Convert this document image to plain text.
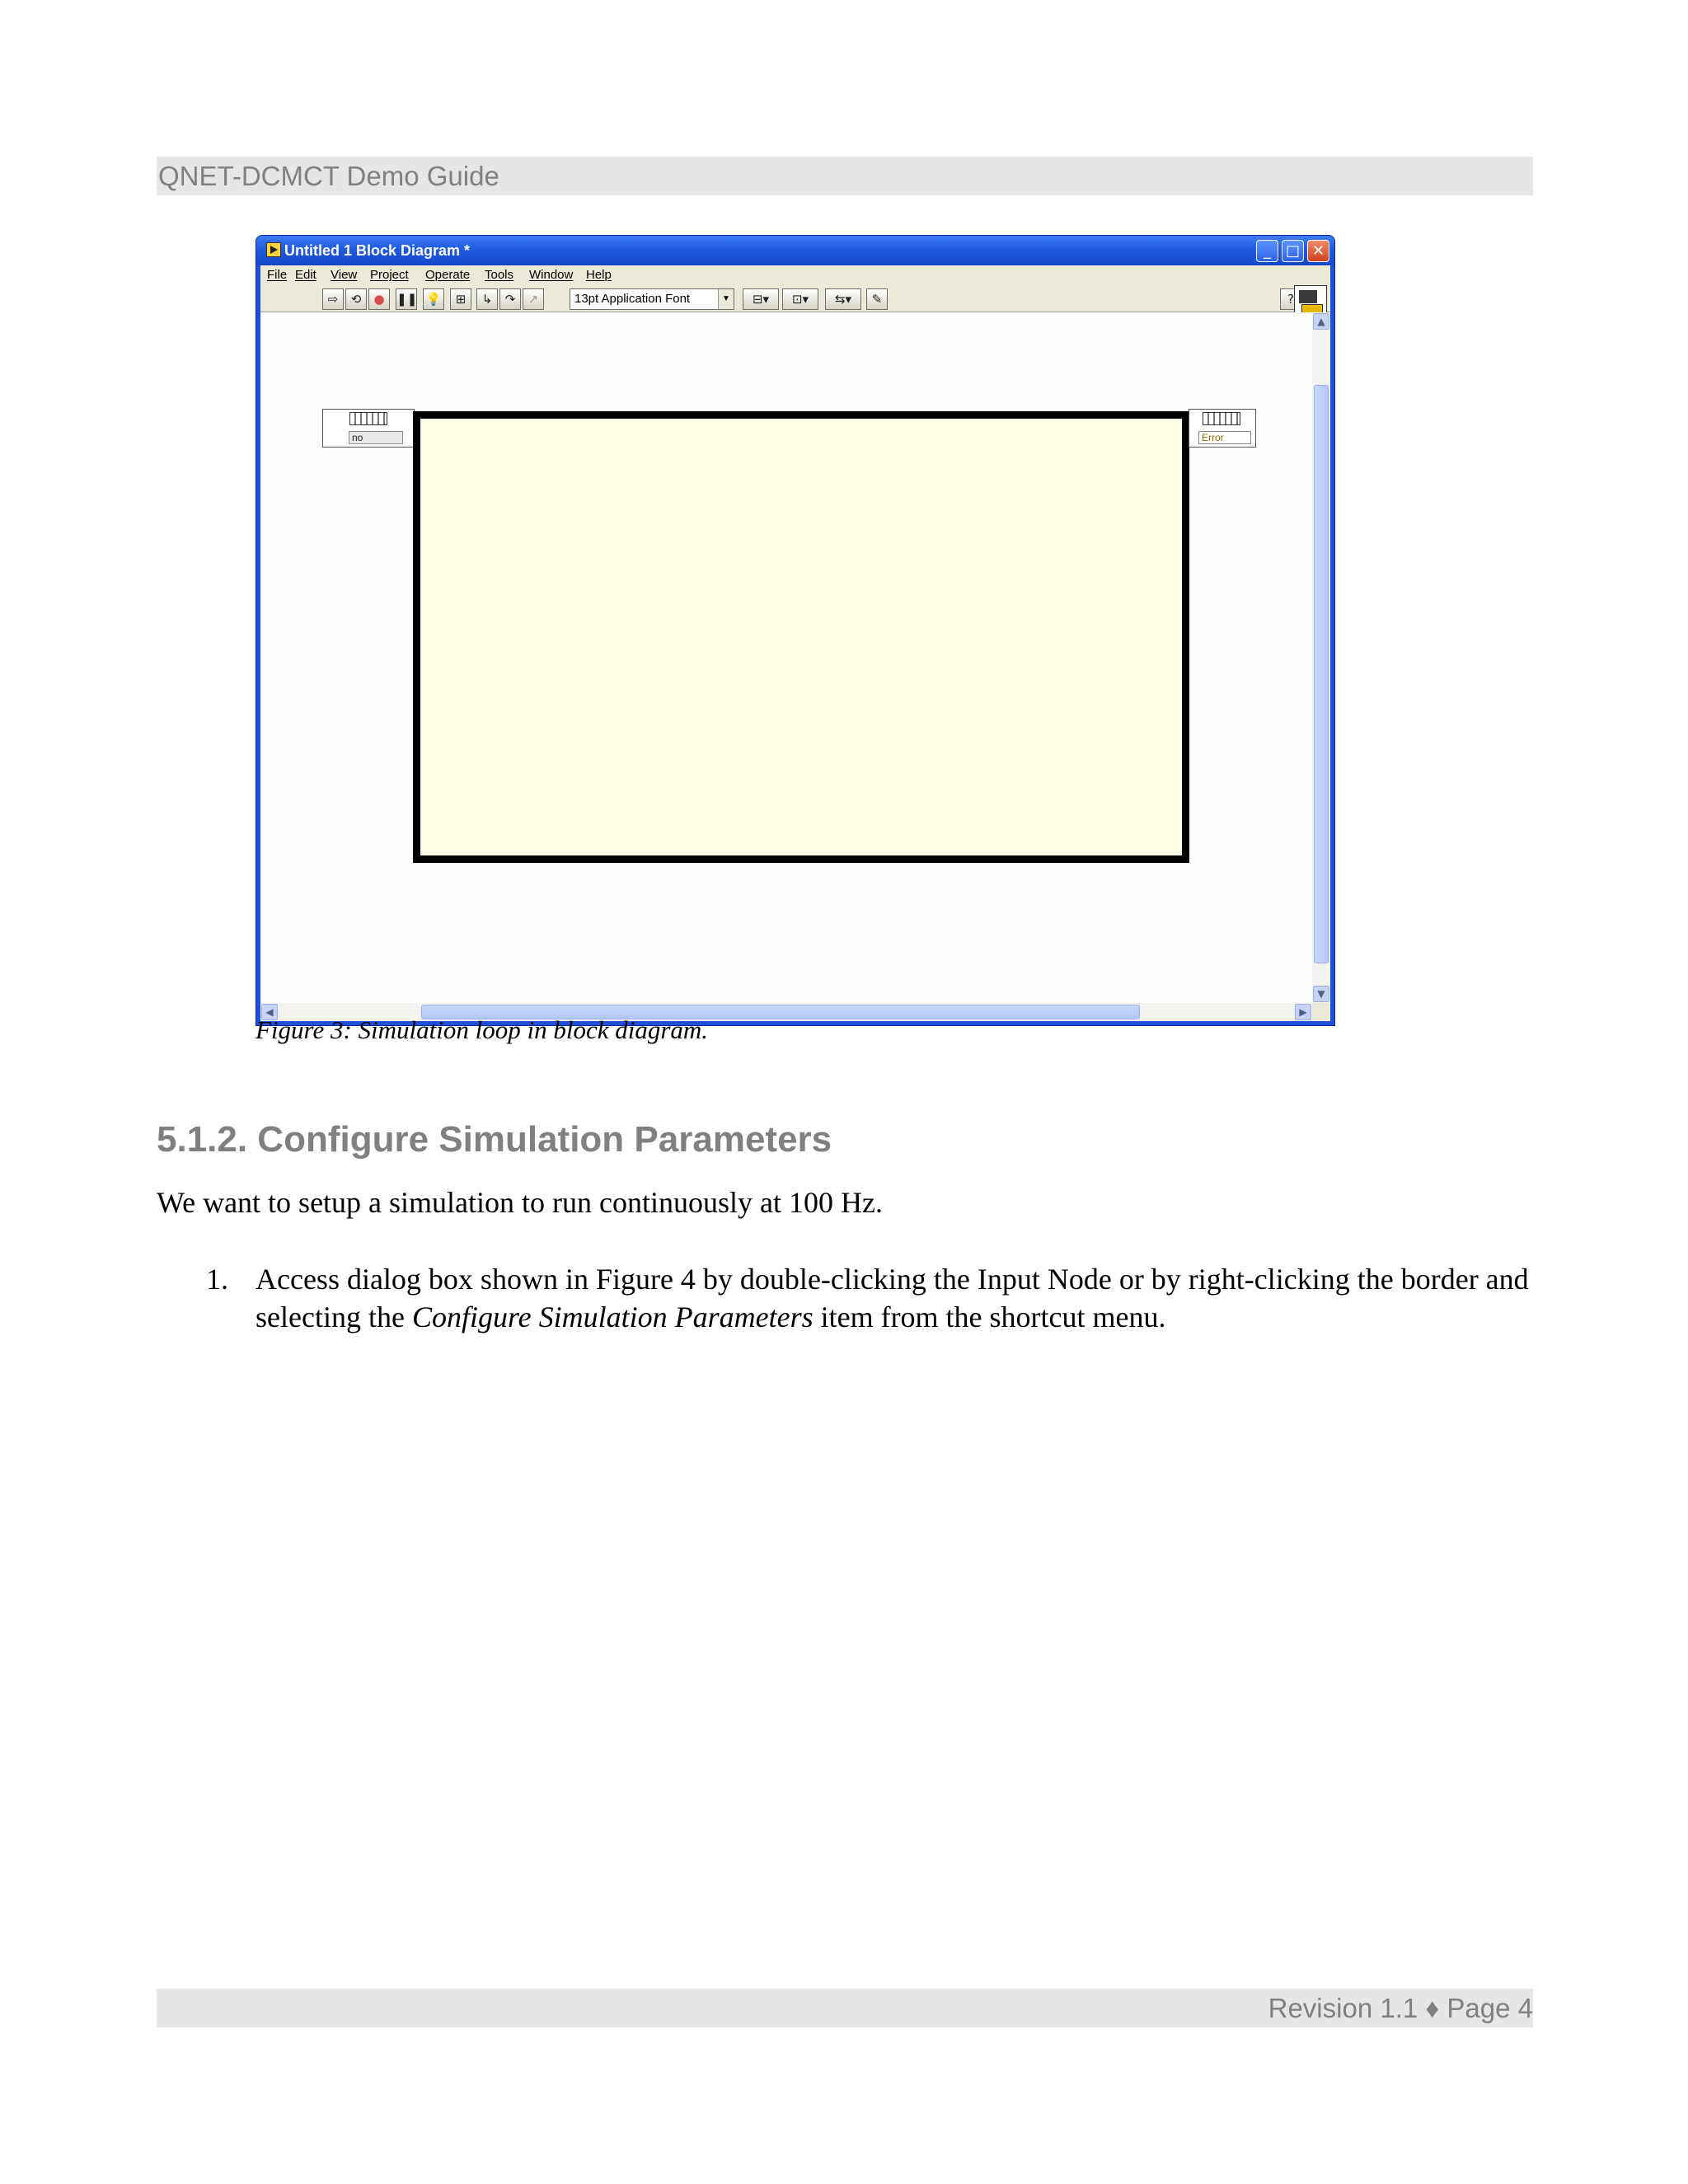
QNET-DCMCT Demo Guide
Untitled 1 Block Diagram *	_ □ ✕
File Edit View Project Operate Tools Window Help
⇨	⟲	● ❚❚ 💡	⊞	↳	↷	↗	13pt Application Font	▼	⊟▾	⊡▾	⇆▾	✎	?
no	Error
▲
▼
◀	▶
Figure 3: Simulation loop in block diagram.
5.1.2. Configure Simulation Parameters

We want to setup a simulation to run continuously at 100 Hz.

1. Access dialog box shown in Figure 4 by double-clicking the Input Node or by right-clicking the border and selecting the Configure Simulation Parameters item from the shortcut menu.

Revision 1.1 ♦ Page 4
